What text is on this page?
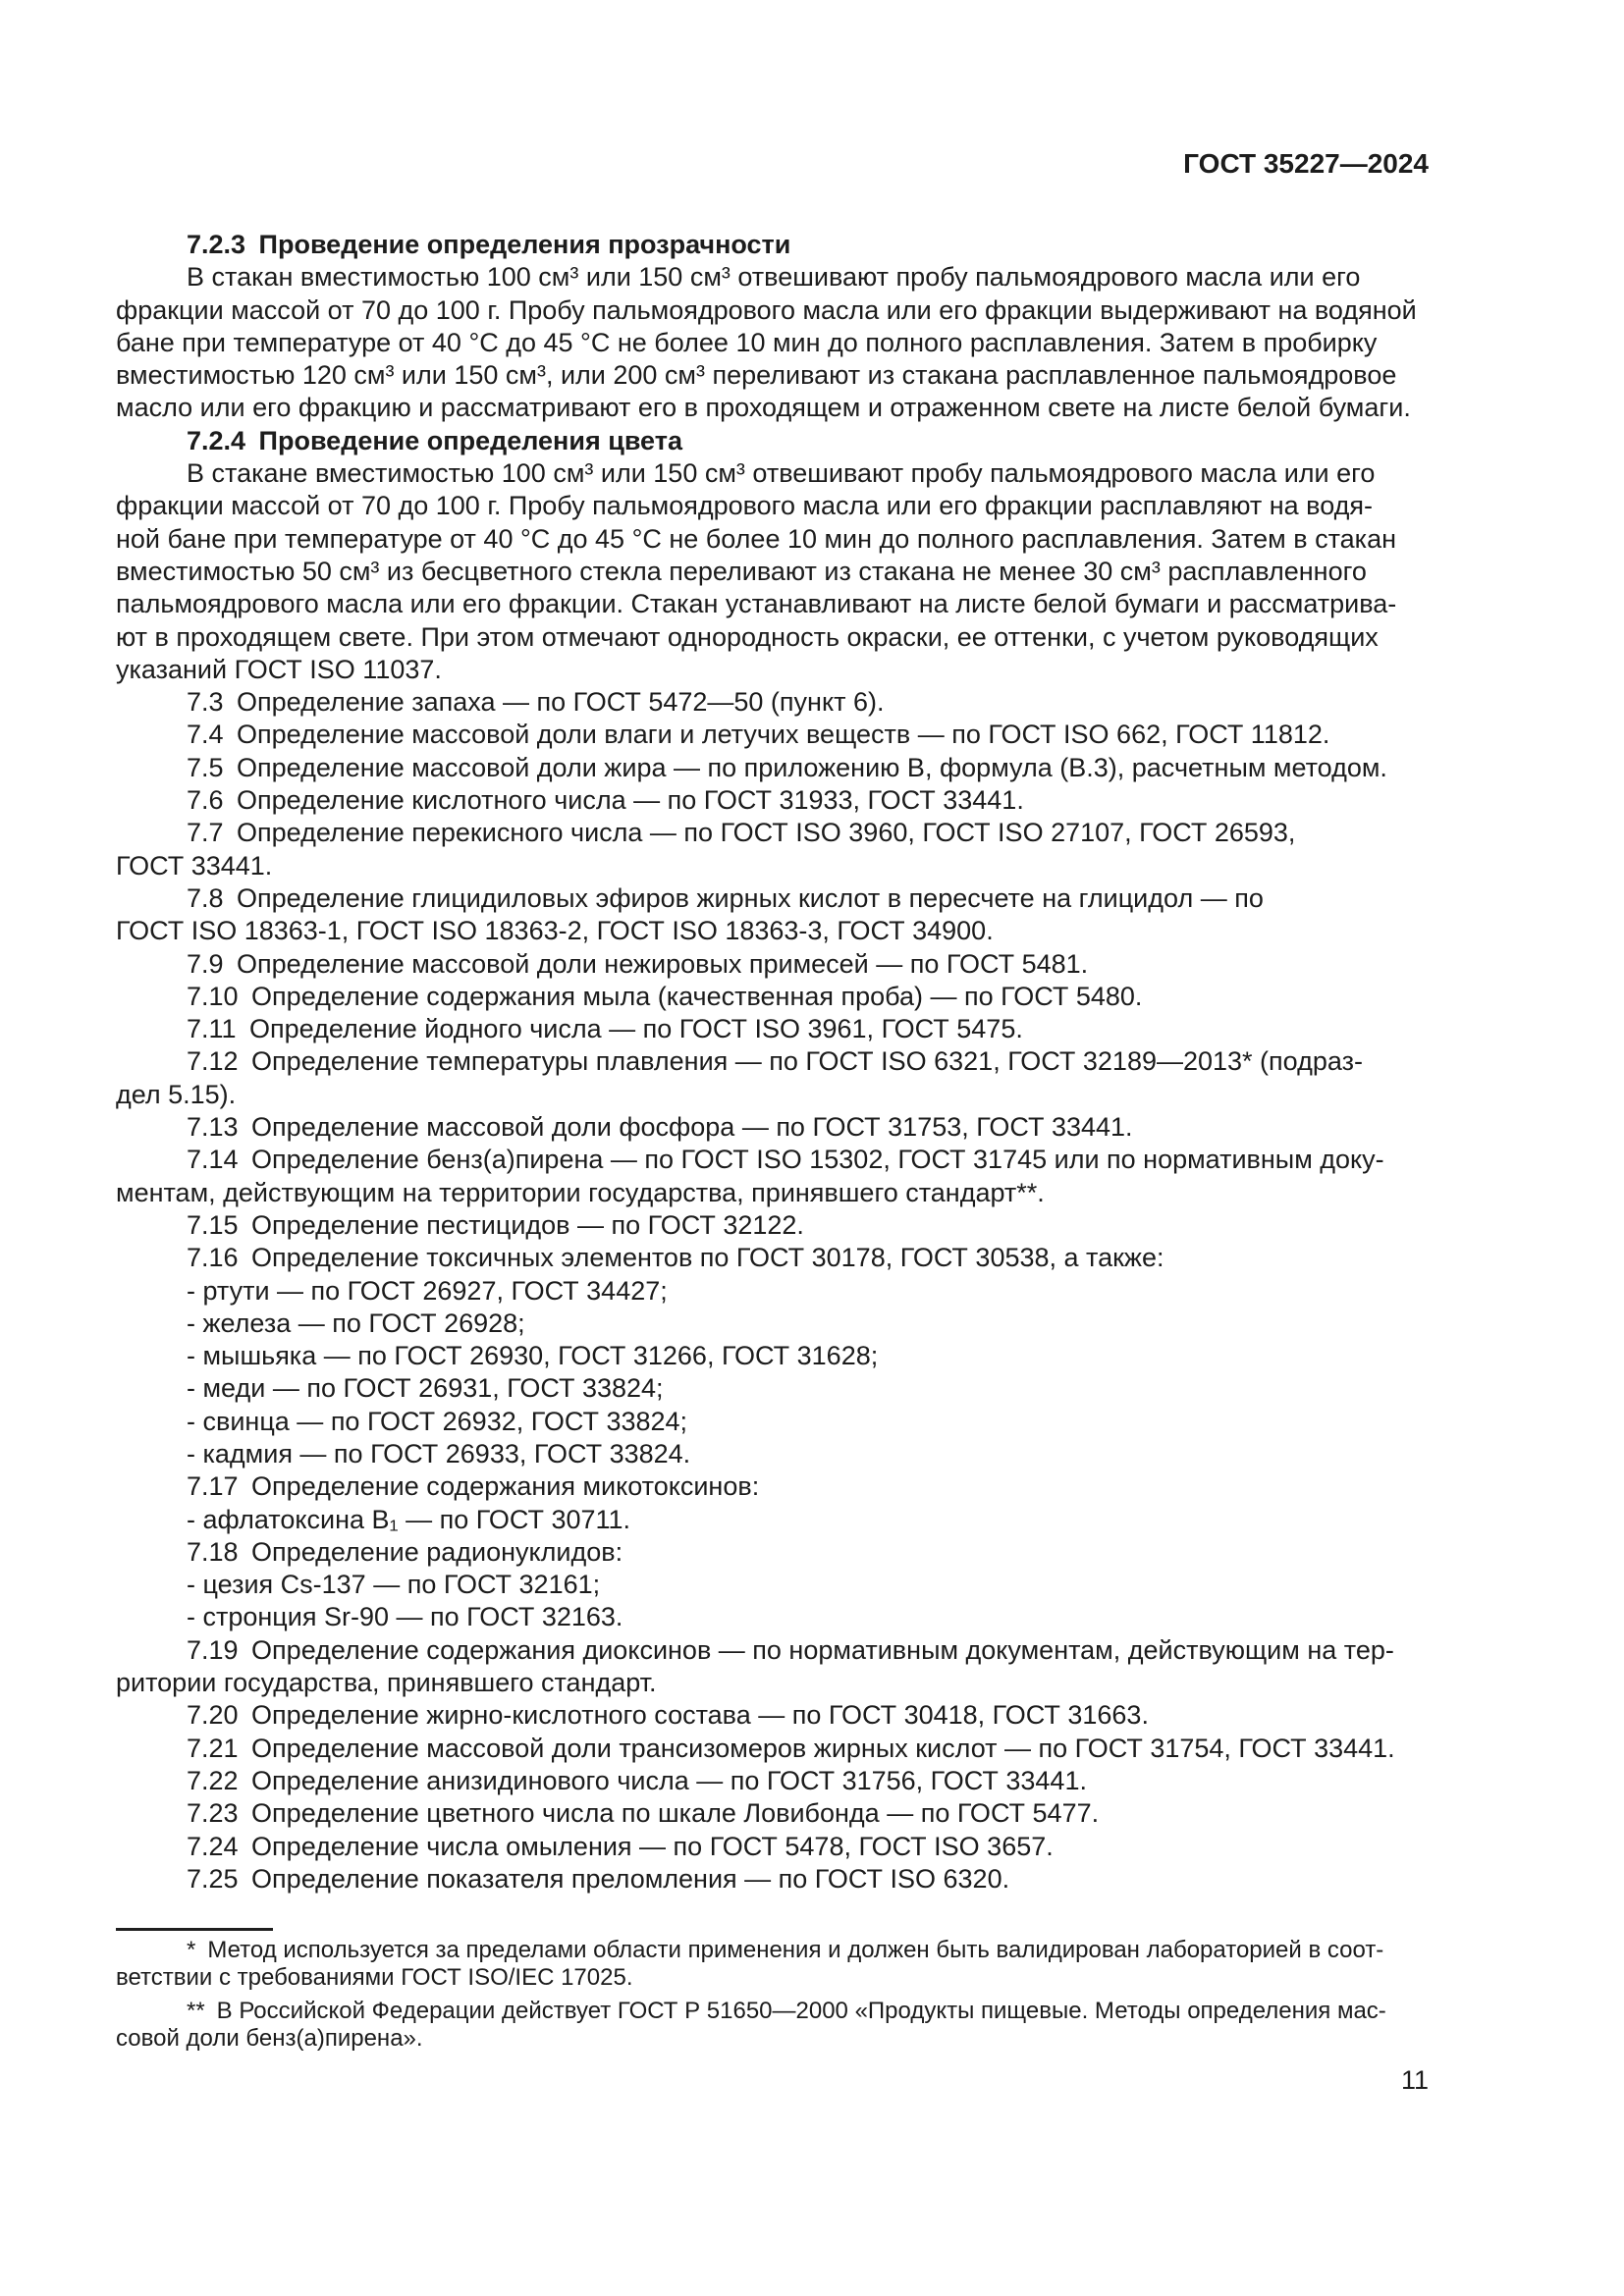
ГОСТ 35227—2024
7.2.3 Проведение определения прозрачности
В стакан вместимостью 100 см³ или 150 см³ отвешивают пробу пальмоядрового масла или его
фракции массой от 70 до 100 г. Пробу пальмоядрового масла или его фракции выдерживают на водяной
бане при температуре от 40 °С до 45 °С не более 10 мин до полного расплавления. Затем в пробирку
вместимостью 120 см³ или 150 см³, или 200 см³ переливают из стакана расплавленное пальмоядровое
масло или его фракцию и рассматривают его в проходящем и отраженном свете на листе белой бумаги.
7.2.4 Проведение определения цвета
В стакане вместимостью 100 см³ или 150 см³ отвешивают пробу пальмоядрового масла или его
фракции массой от 70 до 100 г. Пробу пальмоядрового масла или его фракции расплавляют на водя-
ной бане при температуре от 40 °С до 45 °С не более 10 мин до полного расплавления. Затем в стакан
вместимостью 50 см³ из бесцветного стекла переливают из стакана не менее 30 см³ расплавленного
пальмоядрового масла или его фракции. Стакан устанавливают на листе белой бумаги и рассматрива-
ют в проходящем свете. При этом отмечают однородность окраски, ее оттенки, с учетом руководящих
указаний ГОСТ ISO 11037.
7.3 Определение запаха — по ГОСТ 5472—50 (пункт 6).
7.4 Определение массовой доли влаги и летучих веществ — по ГОСТ ISO 662, ГОСТ 11812.
7.5 Определение массовой доли жира — по приложению В, формула (В.3), расчетным методом.
7.6 Определение кислотного числа — по ГОСТ 31933, ГОСТ 33441.
7.7 Определение перекисного числа — по ГОСТ ISO 3960, ГОСТ ISO 27107, ГОСТ 26593,
ГОСТ 33441.
7.8 Определение глицидиловых эфиров жирных кислот в пересчете на глицидол — по
ГОСТ ISO 18363-1, ГОСТ ISO 18363-2, ГОСТ ISO 18363-3, ГОСТ 34900.
7.9 Определение массовой доли нежировых примесей — по ГОСТ 5481.
7.10 Определение содержания мыла (качественная проба) — по ГОСТ 5480.
7.11 Определение йодного числа — по ГОСТ ISO 3961, ГОСТ 5475.
7.12 Определение температуры плавления — по ГОСТ ISO 6321, ГОСТ 32189—2013* (подраз-
дел 5.15).
7.13 Определение массовой доли фосфора — по ГОСТ 31753, ГОСТ 33441.
7.14 Определение бенз(а)пирена — по ГОСТ ISO 15302, ГОСТ 31745 или по нормативным доку-
ментам, действующим на территории государства, принявшего стандарт**.
7.15 Определение пестицидов — по ГОСТ 32122.
7.16 Определение токсичных элементов по ГОСТ 30178, ГОСТ 30538, а также:
- ртути — по ГОСТ 26927, ГОСТ 34427;
- железа — по ГОСТ 26928;
- мышьяка — по ГОСТ 26930, ГОСТ 31266, ГОСТ 31628;
- меди — по ГОСТ 26931, ГОСТ 33824;
- свинца — по ГОСТ 26932, ГОСТ 33824;
- кадмия — по ГОСТ 26933, ГОСТ 33824.
7.17 Определение содержания микотоксинов:
- афлатоксина В₁ — по ГОСТ 30711.
7.18 Определение радионуклидов:
- цезия Cs-137 — по ГОСТ 32161;
- стронция Sr-90 — по ГОСТ 32163.
7.19 Определение содержания диоксинов — по нормативным документам, действующим на тер-
ритории государства, принявшего стандарт.
7.20 Определение жирно-кислотного состава — по ГОСТ 30418, ГОСТ 31663.
7.21 Определение массовой доли трансизомеров жирных кислот — по ГОСТ 31754, ГОСТ 33441.
7.22 Определение анизидинового числа — по ГОСТ 31756, ГОСТ 33441.
7.23 Определение цветного числа по шкале Ловибонда — по ГОСТ 5477.
7.24 Определение числа омыления — по ГОСТ 5478, ГОСТ ISO 3657.
7.25 Определение показателя преломления — по ГОСТ ISO 6320.
* Метод используется за пределами области применения и должен быть валидирован лабораторией в соот-
ветствии с требованиями ГОСТ ISO/IEC 17025.
** В Российской Федерации действует ГОСТ Р 51650—2000 «Продукты пищевые. Методы определения мас-
совой доли бенз(а)пирена».
11
